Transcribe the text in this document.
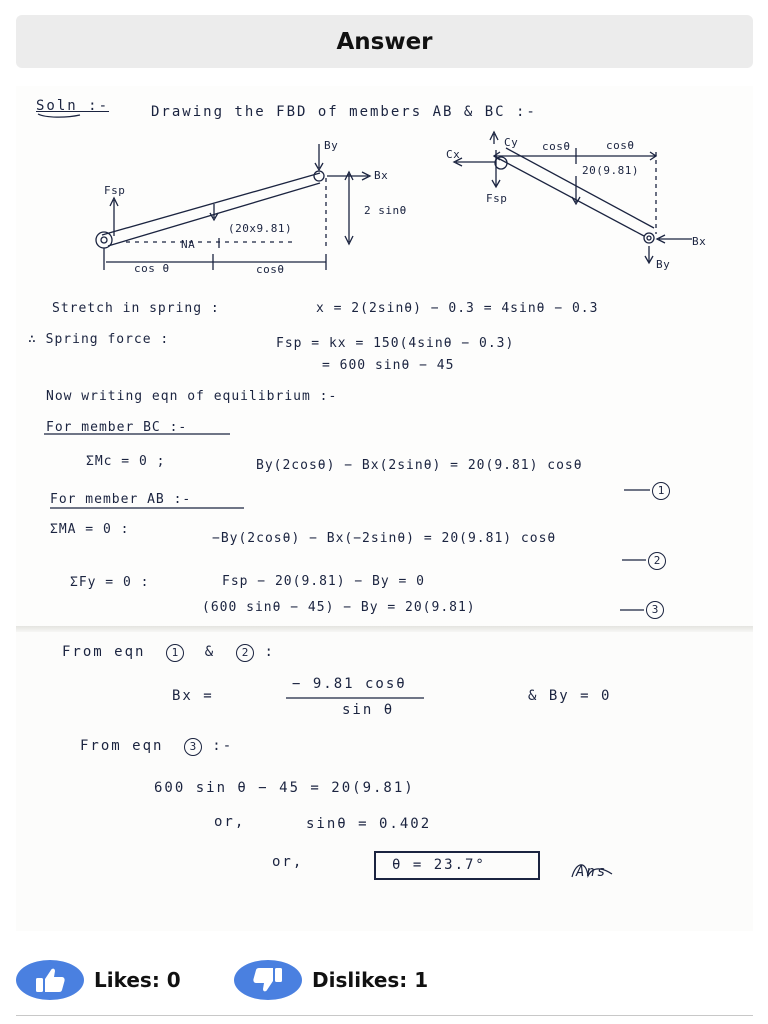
Answer
Soln :-	Drawing the FBD of members AB & BC :-
By
Bx
Fsp
(20x9.81)
2 sinθ
NA
cos θ	cosθ
Cy
Cx
Fsp
cosθ	cosθ
20(9.81)
Bx
By
Stretch in spring :	x = 2(2sinθ) − 0.3 = 4sinθ − 0.3
∴ Spring force :	Fsp = kx = 150(4sinθ − 0.3)
= 600 sinθ − 45
Now writing eqn of equilibrium :-
For member BC :-
ΣMc = 0 ;	By(2cosθ) − Bx(2sinθ) = 20(9.81) cosθ
1
For member AB :-
ΣMA = 0 :
−By(2cosθ) − Bx(−2sinθ) = 20(9.81) cosθ
2
ΣFy = 0 :	Fsp − 20(9.81) − By = 0
(600 sinθ − 45) − By = 20(9.81)	3
From eqn 1  &  2 :
Bx =
− 9.81 cosθ
sin θ
& By = 0
From eqn 3 :-
600 sin θ − 45 = 20(9.81)
or,	sinθ = 0.402
or,	θ = 23.7°	Ans
Likes: 0	Dislikes: 1
